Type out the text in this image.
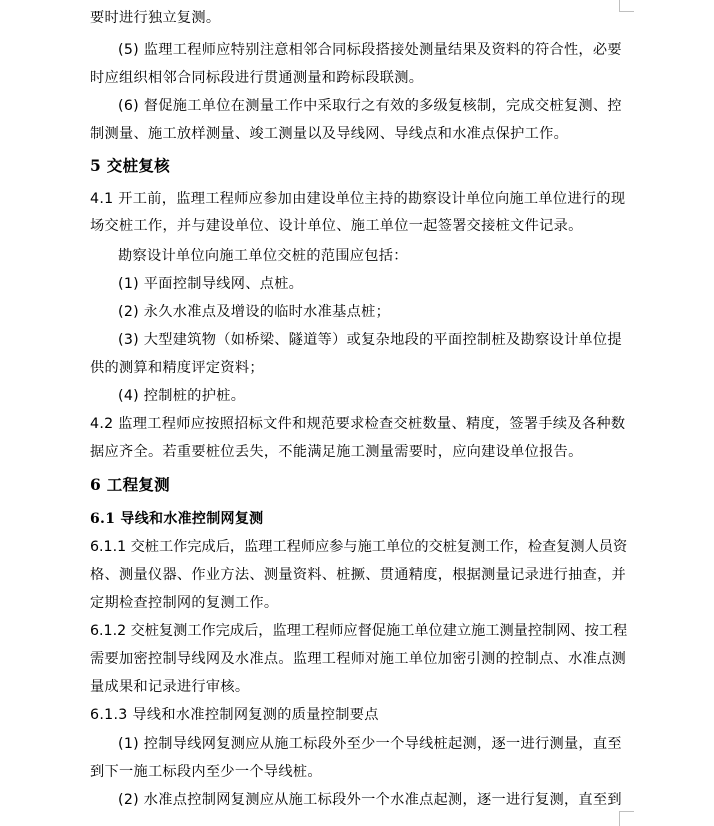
要时进行独立复测。
(5) 监理工程师应特别注意相邻合同标段搭接处测量结果及资料的符合性，必要
时应组织相邻合同标段进行贯通测量和跨标段联测。
(6) 督促施工单位在测量工作中采取行之有效的多级复核制，完成交桩复测、控
制测量、施工放样测量、竣工测量以及导线网、导线点和水准点保护工作。
5 交桩复核
4.1 开工前，监理工程师应参加由建设单位主持的勘察设计单位向施工单位进行的现
场交桩工作，并与建设单位、设计单位、施工单位一起签署交接桩文件记录。
勘察设计单位向施工单位交桩的范围应包括：
(1) 平面控制导线网、点桩。
(2) 永久水准点及增设的临时水准基点桩；
(3) 大型建筑物（如桥梁、隧道等）或复杂地段的平面控制桩及勘察设计单位提
供的测算和精度评定资料；
(4) 控制桩的护桩。
4.2 监理工程师应按照招标文件和规范要求检查交桩数量、精度，签署手续及各种数
据应齐全。若重要桩位丢失，不能满足施工测量需要时，应向建设单位报告。
6 工程复测
6.1 导线和水准控制网复测
6.1.1 交桩工作完成后，监理工程师应参与施工单位的交桩复测工作，检查复测人员资
格、测量仪器、作业方法、测量资料、桩撅、贯通精度，根据测量记录进行抽查，并
定期检查控制网的复测工作。
6.1.2 交桩复测工作完成后，监理工程师应督促施工单位建立施工测量控制网、按工程
需要加密控制导线网及水准点。监理工程师对施工单位加密引测的控制点、水准点测
量成果和记录进行审核。
6.1.3 导线和水准控制网复测的质量控制要点
(1) 控制导线网复测应从施工标段外至少一个导线桩起测，逐一进行测量，直至
到下一施工标段内至少一个导线桩。
(2) 水准点控制网复测应从施工标段外一个水准点起测，逐一进行复测，直至到
